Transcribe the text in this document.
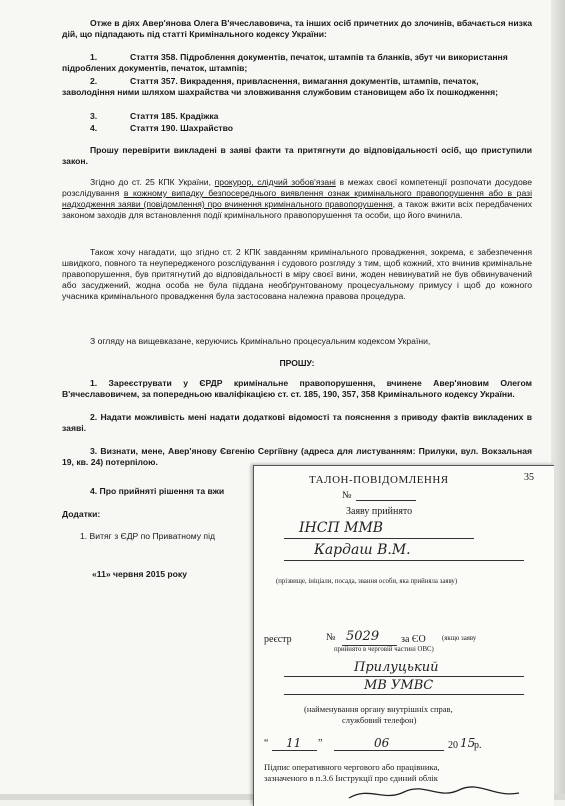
Отже в діях Авер'янова Олега В'ячеславовича, та інших осіб причетних до злочинів, вбачається низка дій, що підпадають під статті Кримінального кодексу України:
1.	Стаття 358. Підроблення документів, печаток, штампів та бланків, збут чи використання підроблених документів, печаток, штампів;
2.	Стаття 357. Викрадення, привласнення, вимагання документів, штампів, печаток, заволодіння ними шляхом шахрайства чи зловживання службовим становищем або їх пошкодження;
3.	Стаття 185. Крадіжка
4.	Стаття 190. Шахрайство
Прошу перевірити викладені в заяві факти та притягнути до відповідальності осіб, що приступили закон.
Згідно до ст. 25 КПК України, прокурор, слідчий зобов'язані в межах своєї компетенції розпочати досудове розслідування в кожному випадку безпосереднього виявлення ознак кримінального правопорушення або в разі надходження заяви (повідомлення) про вчинення кримінального правопорушення, а також вжити всіх передбачених законом заходів для встановлення події кримінального правопорушення та особи, що його вчинила.
Також хочу нагадати, що згідно ст. 2 КПК завданням кримінального провадження, зокрема, є забезпечення швидкого, повного та неупередженого розслідування і судового розгляду з тим, щоб кожний, хто вчинив кримінальне правопорушення, був притягнутий до відповідальності в міру своєї вини, жоден невинуватий не був обвинувачений або засуджений, жодна особа не була піддана необґрунтованому процесуальному примусу і щоб до кожного учасника кримінального провадження була застосована належна правова процедура.
З огляду на вищевказане, керуючись Кримінально процесуальним кодексом України,
ПРОШУ:
1. Зареєструвати у ЄРДР кримінальне правопорушення, вчинене Авер'яновим Олегом В'ячеславовичем, за попередньою кваліфікацією ст. ст. 185, 190, 357, 358 Кримінального кодексу України.
2. Надати можливість мені надати додаткові відомості та пояснення з приводу фактів викладених в заяві.
3. Визнати, мене, Авер'янову Євгенію Сергіївну (адреса для листуванням: Прилуки, вул. Вокзальная 19, кв. 24) потерпілою.
4. Про прийняті рішення та вжи
Додатки:
1. Витяг з ЄДР по Приватному під
«11» червня 2015 року
ТАЛОН-ПОВІДОМЛЕННЯ	35
№
Заяву прийнято
ІНСП ММВ
Кардаш В.М.
(прізвище, ініціали, посада, звання особи, яка прийняла заяву)
реєстр	№ 5029 за ЄО (якщо заяву
прийнято в черговій частині ОВС)
Прилуцький
МВ УМВС
(найменування органу внутрішніх справ,
службовий телефон)
“ 11 ”	06	20 15
р.
Підпис оперативного чергового або працівника,
зазначеного в п.3.6 Інструкції про єдиний облік
